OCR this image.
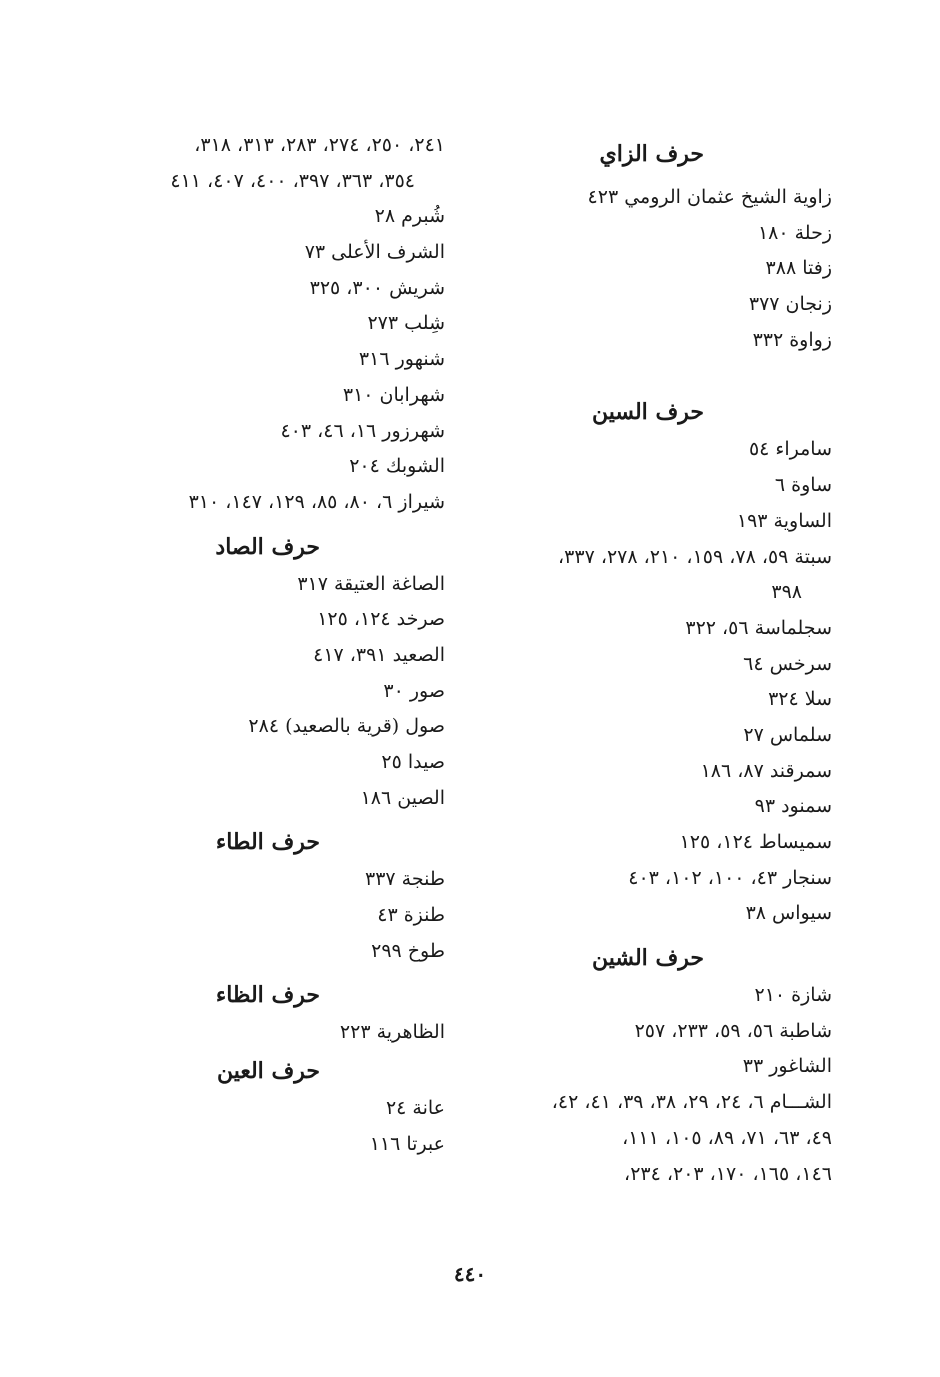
حرف الزاي
زاوية الشيخ عثمان الرومي ٤٢٣
زحلة ١٨٠
زفتا ٣٨٨
زنجان ٣٧٧
زواوة ٣٣٢
حرف السين
سامراء ٥٤
ساوة ٦
الساوية ١٩٣
سبتة ٥٩، ٧٨، ١٥٩، ٢١٠، ٢٧٨، ٣٣٧،
٣٩٨
سجلماسة ٥٦، ٣٢٢
سرخس ٦٤
سلا ٣٢٤
سلماس ٢٧
سمرقند ٨٧، ١٨٦
سمنود ٩٣
سميساط ١٢٤، ١٢٥
سنجار ٤٣، ١٠٠، ١٠٢، ٤٠٣
سيواس ٣٨
حرف الشين
شازة ٢١٠
شاطبة ٥٦، ٥٩، ٢٣٣، ٢٥٧
الشاغور ٣٣
الشـــام ٦، ٢٤، ٢٩، ٣٨، ٣٩، ٤١، ٤٢،
٤٩، ٦٣، ٧١، ٨٩، ١٠٥، ١١١،
١٤٦، ١٦٥، ١٧٠، ٢٠٣، ٢٣٤،
٢٤١، ٢٥٠، ٢٧٤، ٢٨٣، ٣١٣، ٣١٨،
٣٥٤، ٣٦٣، ٣٩٧، ٤٠٠، ٤٠٧، ٤١١
شُبرم ٢٨
الشرف الأعلى ٧٣
شريش ٣٠٠، ٣٢٥
شِلب ٢٧٣
شنهور ٣١٦
شهرابان ٣١٠
شهرزور ١٦، ٤٦، ٤٠٣
الشوبك ٢٠٤
شيراز ٦، ٨٠، ٨٥، ١٢٩، ١٤٧، ٣١٠
حرف الصاد
الصاغة العتيقة ٣١٧
صرخد ١٢٤، ١٢٥
الصعيد ٣٩١، ٤١٧
صور ٣٠
صول (قرية بالصعيد) ٢٨٤
صيدا ٢٥
الصين ١٨٦
حرف الطاء
طنجة ٣٣٧
طنزة ٤٣
طوخ ٢٩٩
حرف الظاء
الظاهرية ٢٢٣
حرف العين
عانة ٢٤
عبرتا ١١٦
٤٤٠
